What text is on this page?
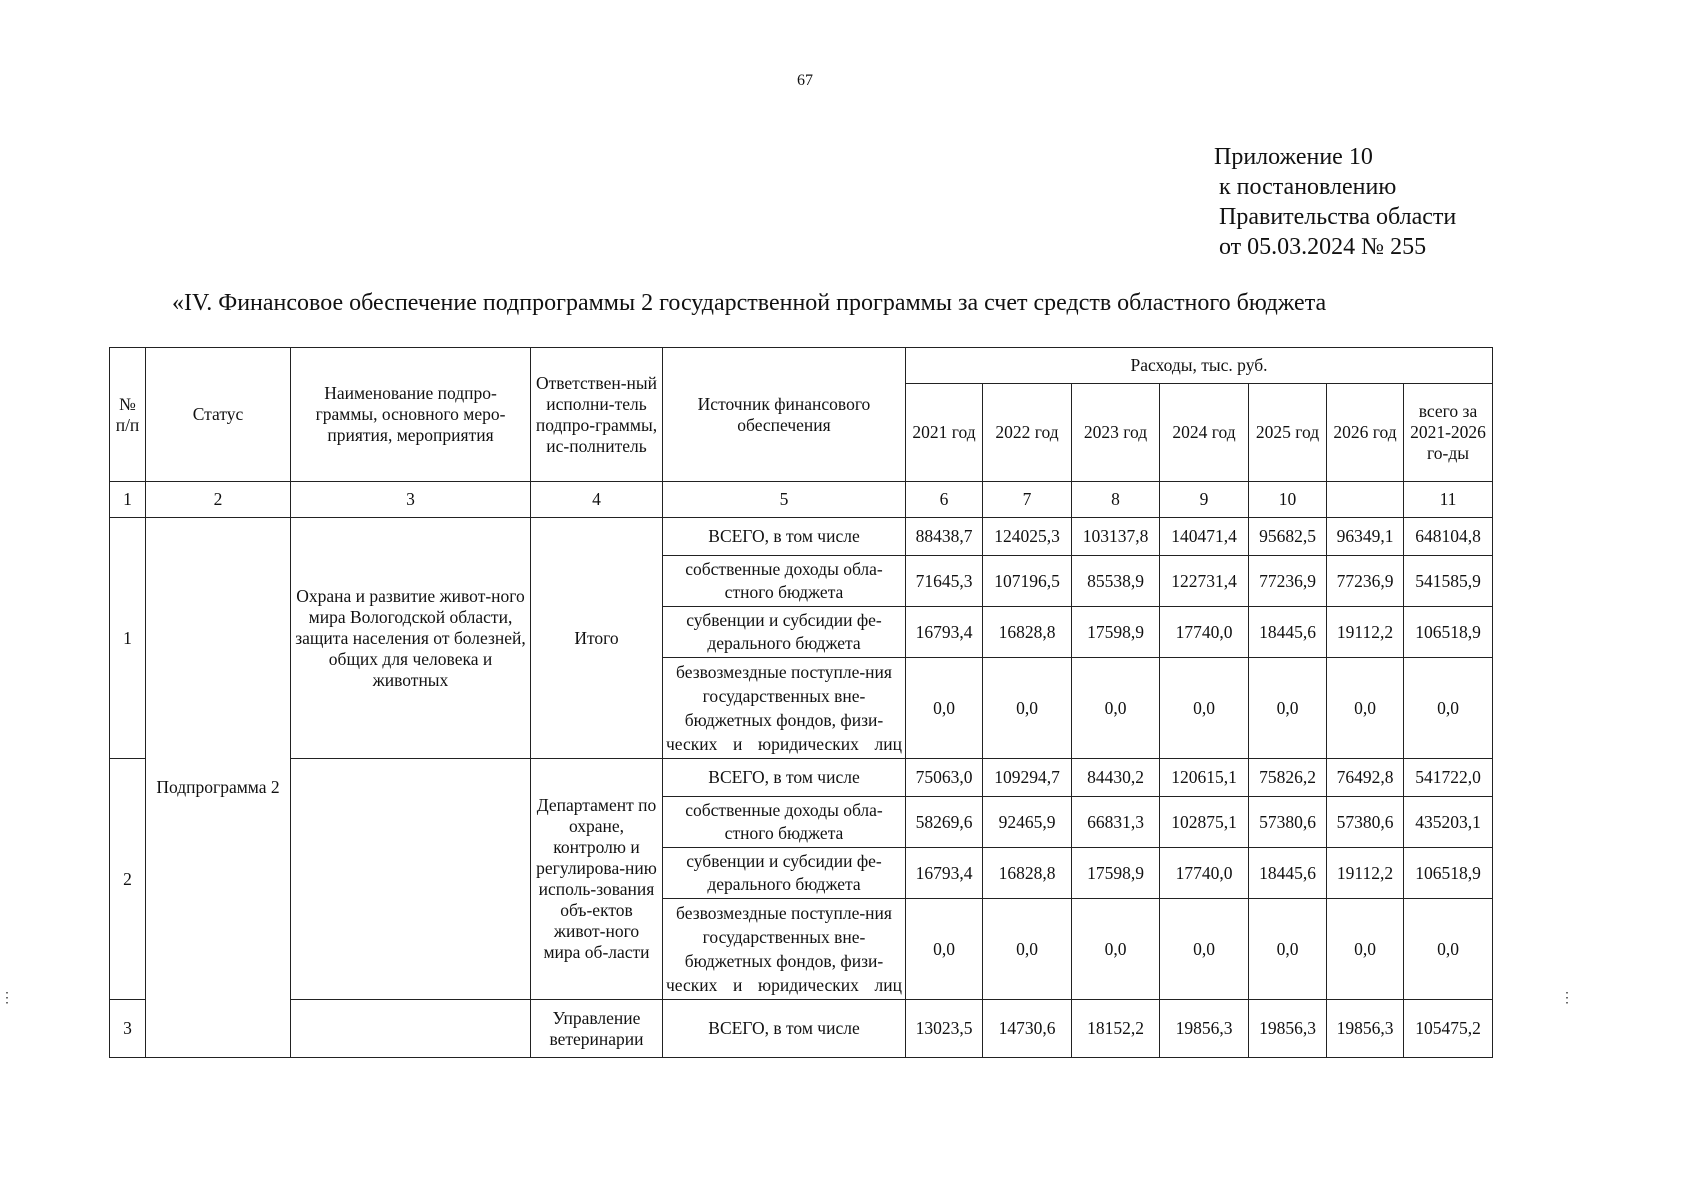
67
Приложение 10
к постановлению
Правительства области
от 05.03.2024 № 255
«IV. Финансовое обеспечение подпрограммы 2 государственной программы за счет средств областного бюджета
№ п/п	Статус	Наименование подпро-граммы, основного меро-приятия, мероприятия	Ответствен-ный исполни-тель подпро-граммы, ис-полнитель	Источник финансового обеспечения	Расходы, тыс. руб.						
					2021 год	2022 год	2023 год	2024 год	2025 год	2026 год	всего за 2021-2026 го-ды
1	2	3	4	5	6	7	8	9	10		11
1	Подпрограмма 2	Охрана и развитие живот-ного мира Вологодской области, защита населения от болезней, общих для человека и животных	Итого	ВСЕГО, в том числе	88438,7	124025,3	103137,8	140471,4	95682,5	96349,1	648104,8
				собственные доходы обла-стного бюджета	71645,3	107196,5	85538,9	122731,4	77236,9	77236,9	541585,9
				субвенции и субсидии фе-дерального бюджета	16793,4	16828,8	17598,9	17740,0	18445,6	19112,2	106518,9
				безвозмездные поступле-ния государственных вне-бюджетных фондов, физи-ческих и юридических лиц	0,0	0,0	0,0	0,0	0,0	0,0	0,0
2			Департамент по охране, контролю и регулирова-нию исполь-зования объ-ектов живот-ного мира об-ласти	ВСЕГО, в том числе	75063,0	109294,7	84430,2	120615,1	75826,2	76492,8	541722,0
				собственные доходы обла-стного бюджета	58269,6	92465,9	66831,3	102875,1	57380,6	57380,6	435203,1
				субвенции и субсидии фе-дерального бюджета	16793,4	16828,8	17598,9	17740,0	18445,6	19112,2	106518,9
				безвозмездные поступле-ния государственных вне-бюджетных фондов, физи-ческих и юридических лиц	0,0	0,0	0,0	0,0	0,0	0,0	0,0
3			Управление ветеринарии	ВСЕГО, в том числе	13023,5	14730,6	18152,2	19856,3	19856,3	19856,3	105475,2
⋮	⋮
